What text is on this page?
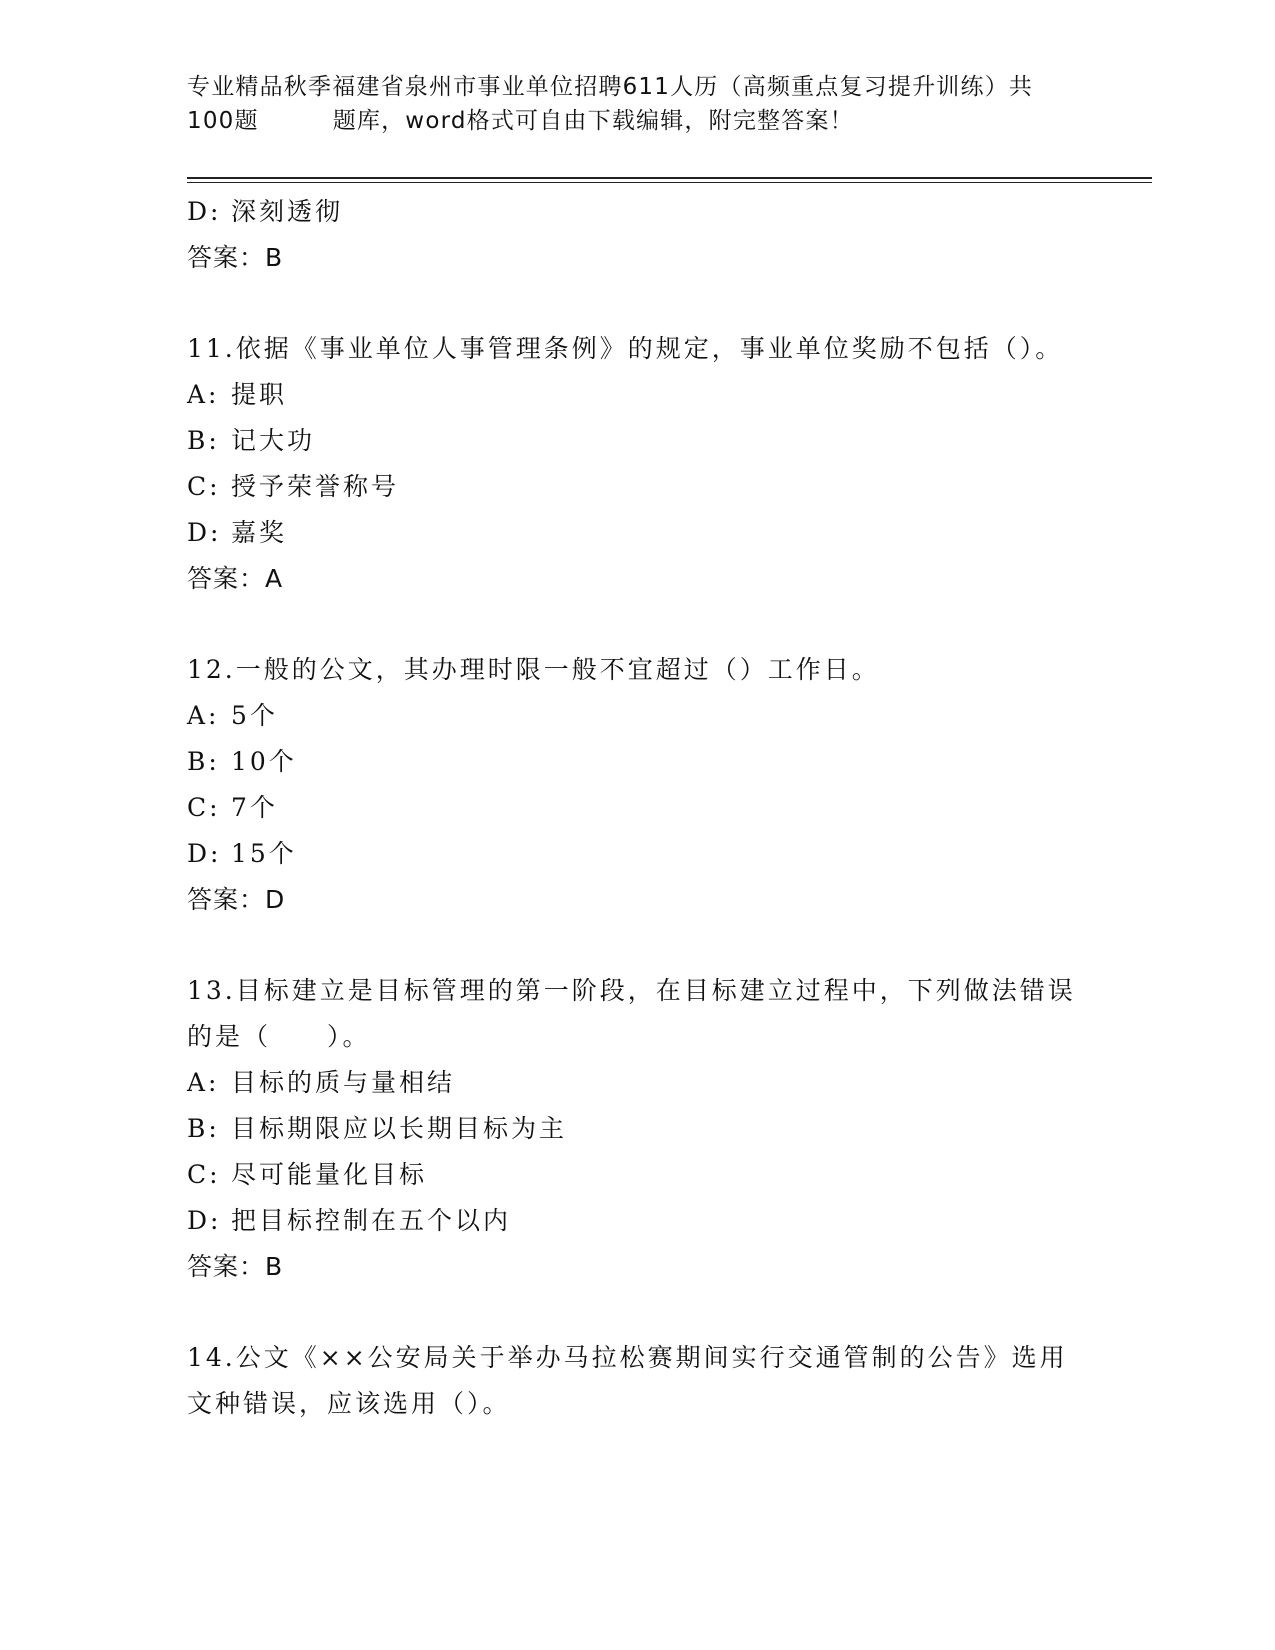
专业精品秋季福建省泉州市事业单位招聘611人历（高频重点复习提升训练）共
100题	题库，word格式可自由下载编辑，附完整答案！
D: 深刻透彻
答案：B
11.依据《事业单位人事管理条例》的规定，事业单位奖励不包括（）。
A: 提职
B: 记大功
C: 授予荣誉称号
D: 嘉奖
答案：A
12.一般的公文，其办理时限一般不宜超过（）工作日。
A: 5个
B: 10个
C: 7个
D: 15个
答案：D
13.目标建立是目标管理的第一阶段，在目标建立过程中，下列做法错误的是（　　）。
A: 目标的质与量相结
B: 目标期限应以长期目标为主
C: 尽可能量化目标
D: 把目标控制在五个以内
答案：B
14.公文《××公安局关于举办马拉松赛期间实行交通管制的公告》选用文种错误，应该选用（）。
